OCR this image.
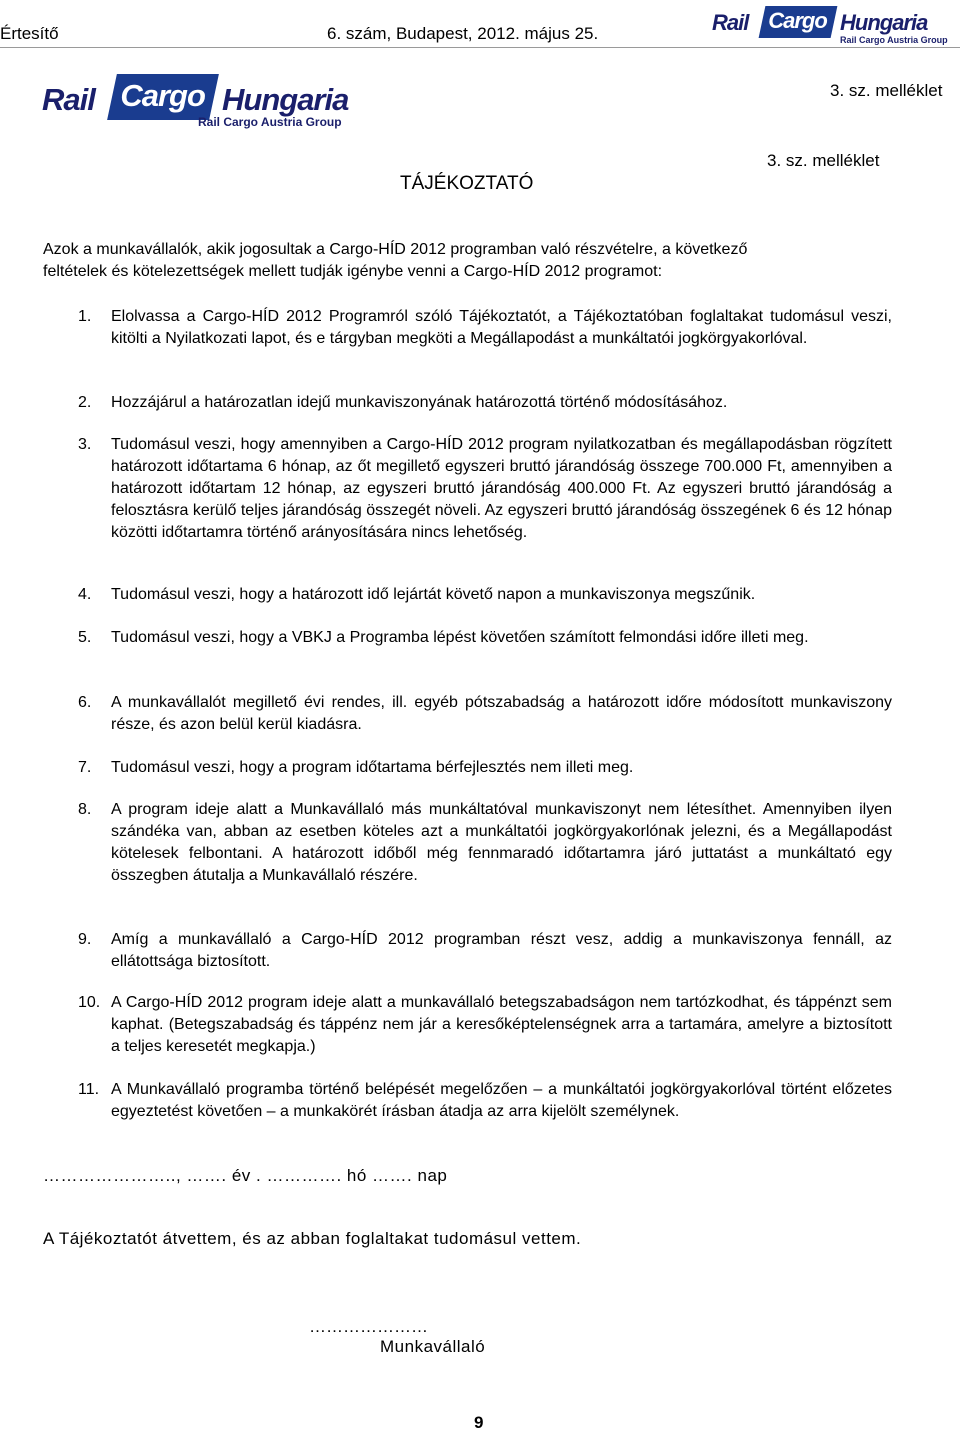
Értesítő	6. szám, Budapest, 2012. május 25.	Rail Cargo Hungaria
Rail Cargo Austria Group
Rail Cargo Hungaria
Rail Cargo Austria Group
3. sz. melléklet
3. sz. melléklet
TÁJÉKOZTATÓ
Azok a munkavállalók, akik jogosultak a Cargo-HÍD 2012 programban való részvételre, a következő
feltételek és kötelezettségek mellett tudják igénybe venni a Cargo-HÍD 2012 programot:
1. Elolvassa a Cargo-HÍD 2012 Programról szóló Tájékoztatót, a Tájékoztatóban foglaltakat tudomásul veszi, kitölti a Nyilatkozati lapot, és e tárgyban megköti a Megállapodást a munkáltatói jogkörgyakorlóval.
2. Hozzájárul a határozatlan idejű munkaviszonyának határozottá történő módosításához.
3. Tudomásul veszi, hogy amennyiben a Cargo-HÍD 2012 program nyilatkozatban és megállapodásban rögzített határozott időtartama 6 hónap, az őt megillető egyszeri bruttó járandóság összege 700.000 Ft, amennyiben a határozott időtartam 12 hónap, az egyszeri bruttó járandóság 400.000 Ft. Az egyszeri bruttó járandóság a felosztásra kerülő teljes járandóság összegét növeli. Az egyszeri bruttó járandóság összegének 6 és 12 hónap közötti időtartamra történő arányosítására nincs lehetőség.
4. Tudomásul veszi, hogy a határozott idő lejártát követő napon a munkaviszonya megszűnik.
5. Tudomásul veszi, hogy a VBKJ a Programba lépést követően számított felmondási időre illeti meg.
6. A munkavállalót megillető évi rendes, ill. egyéb pótszabadság a határozott időre módosított munkaviszony része, és azon belül kerül kiadásra.
7. Tudomásul veszi, hogy a program időtartama bérfejlesztés nem illeti meg.
8. A program ideje alatt a Munkavállaló más munkáltatóval munkaviszonyt nem létesíthet. Amennyiben ilyen szándéka van, abban az esetben köteles azt a munkáltatói jogkörgyakorlónak jelezni, és a Megállapodást kötelesek felbontani. A határozott időből még fennmaradó időtartamra járó juttatást a munkáltató egy összegben átutalja a Munkavállaló részére.
9. Amíg a munkavállaló a Cargo-HÍD 2012 programban részt vesz, addig a munkaviszonya fennáll, az ellátottsága biztosított.
10. A Cargo-HÍD 2012 program ideje alatt a munkavállaló betegszabadságon nem tartózkodhat, és táppénzt sem kaphat. (Betegszabadság és táppénz nem jár a keresőképtelenségnek arra a tartamára, amelyre a biztosított a teljes keresetét megkapja.)
11. A Munkavállaló programba történő belépését megelőzően – a munkáltatói jogkörgyakorlóval történt előzetes egyeztetést követően – a munkakörét írásban átadja az arra kijelölt személynek.
………………….., ……. év . …………. hó ……. nap
A Tájékoztatót átvettem, és az abban foglaltakat tudomásul vettem.
…………………
Munkavállaló
9
